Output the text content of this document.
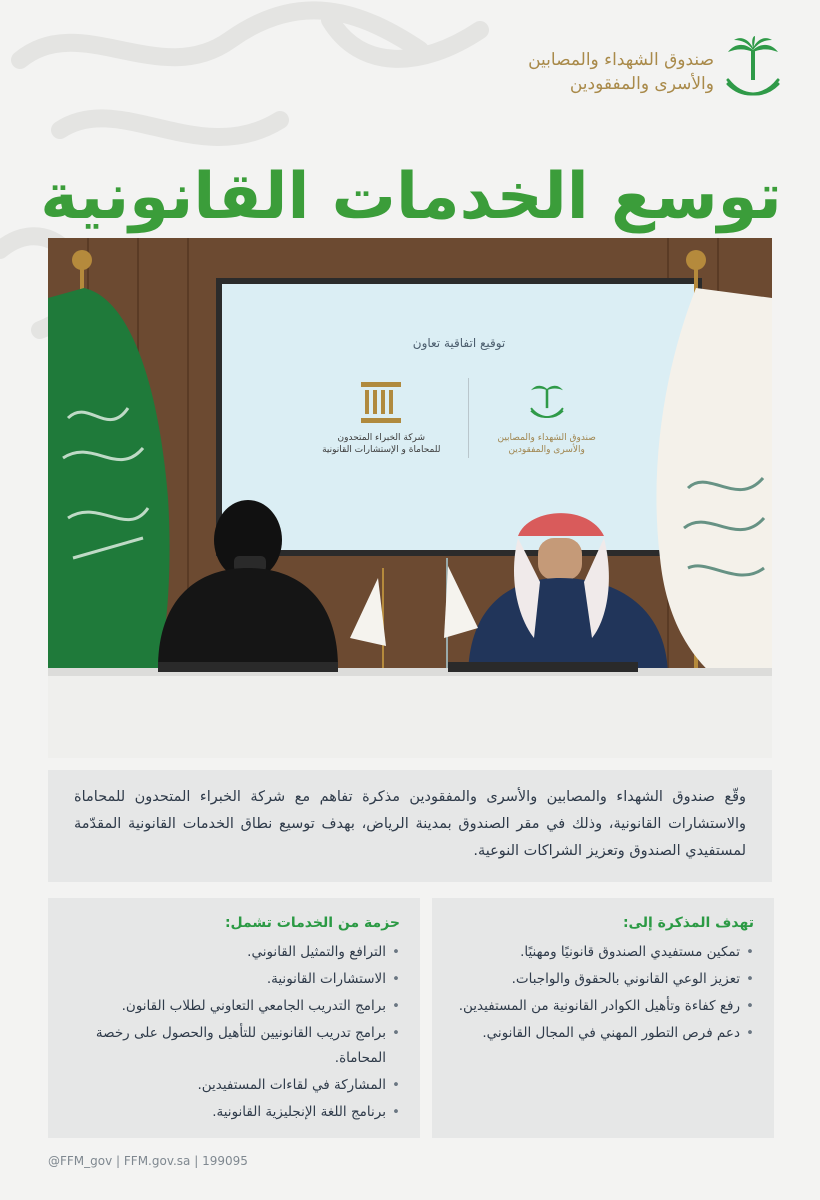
صندوق الشهداء والمصابين
والأسرى والمفقودين
توسع الخدمات القانونية
توقيع اتفاقية تعاون
شركة الخبراء المتحدون
للمحاماة و الإستشارات القانونية
صندوق الشهداء والمصابين
والأسرى والمفقودين
وقّع صندوق الشهداء والمصابين والأسرى والمفقودين مذكرة تفاهم مع شركة الخبراء المتحدون للمحاماة والاستشارات القانونية، وذلك في مقر الصندوق بمدينة الرياض، بهدف توسيع نطاق الخدمات القانونية المقدّمة لمستفيدي الصندوق وتعزيز الشراكات النوعية.
تهدف المذكرة إلى:
• تمكين مستفيدي الصندوق قانونيًا ومهنيًا.
• تعزيز الوعي القانوني بالحقوق والواجبات.
• رفع كفاءة وتأهيل الكوادر القانونية من المستفيدين.
• دعم فرص التطور المهني في المجال القانوني.
حزمة من الخدمات تشمل:
• الترافع والتمثيل القانوني.
• الاستشارات القانونية.
• برامج التدريب الجامعي التعاوني لطلاب القانون.
• برامج تدريب القانونيين للتأهيل والحصول على رخصة المحاماة.
• المشاركة في لقاءات المستفيدين.
• برنامج اللغة الإنجليزية القانونية.
@FFM_gov | FFM.gov.sa | 199095
